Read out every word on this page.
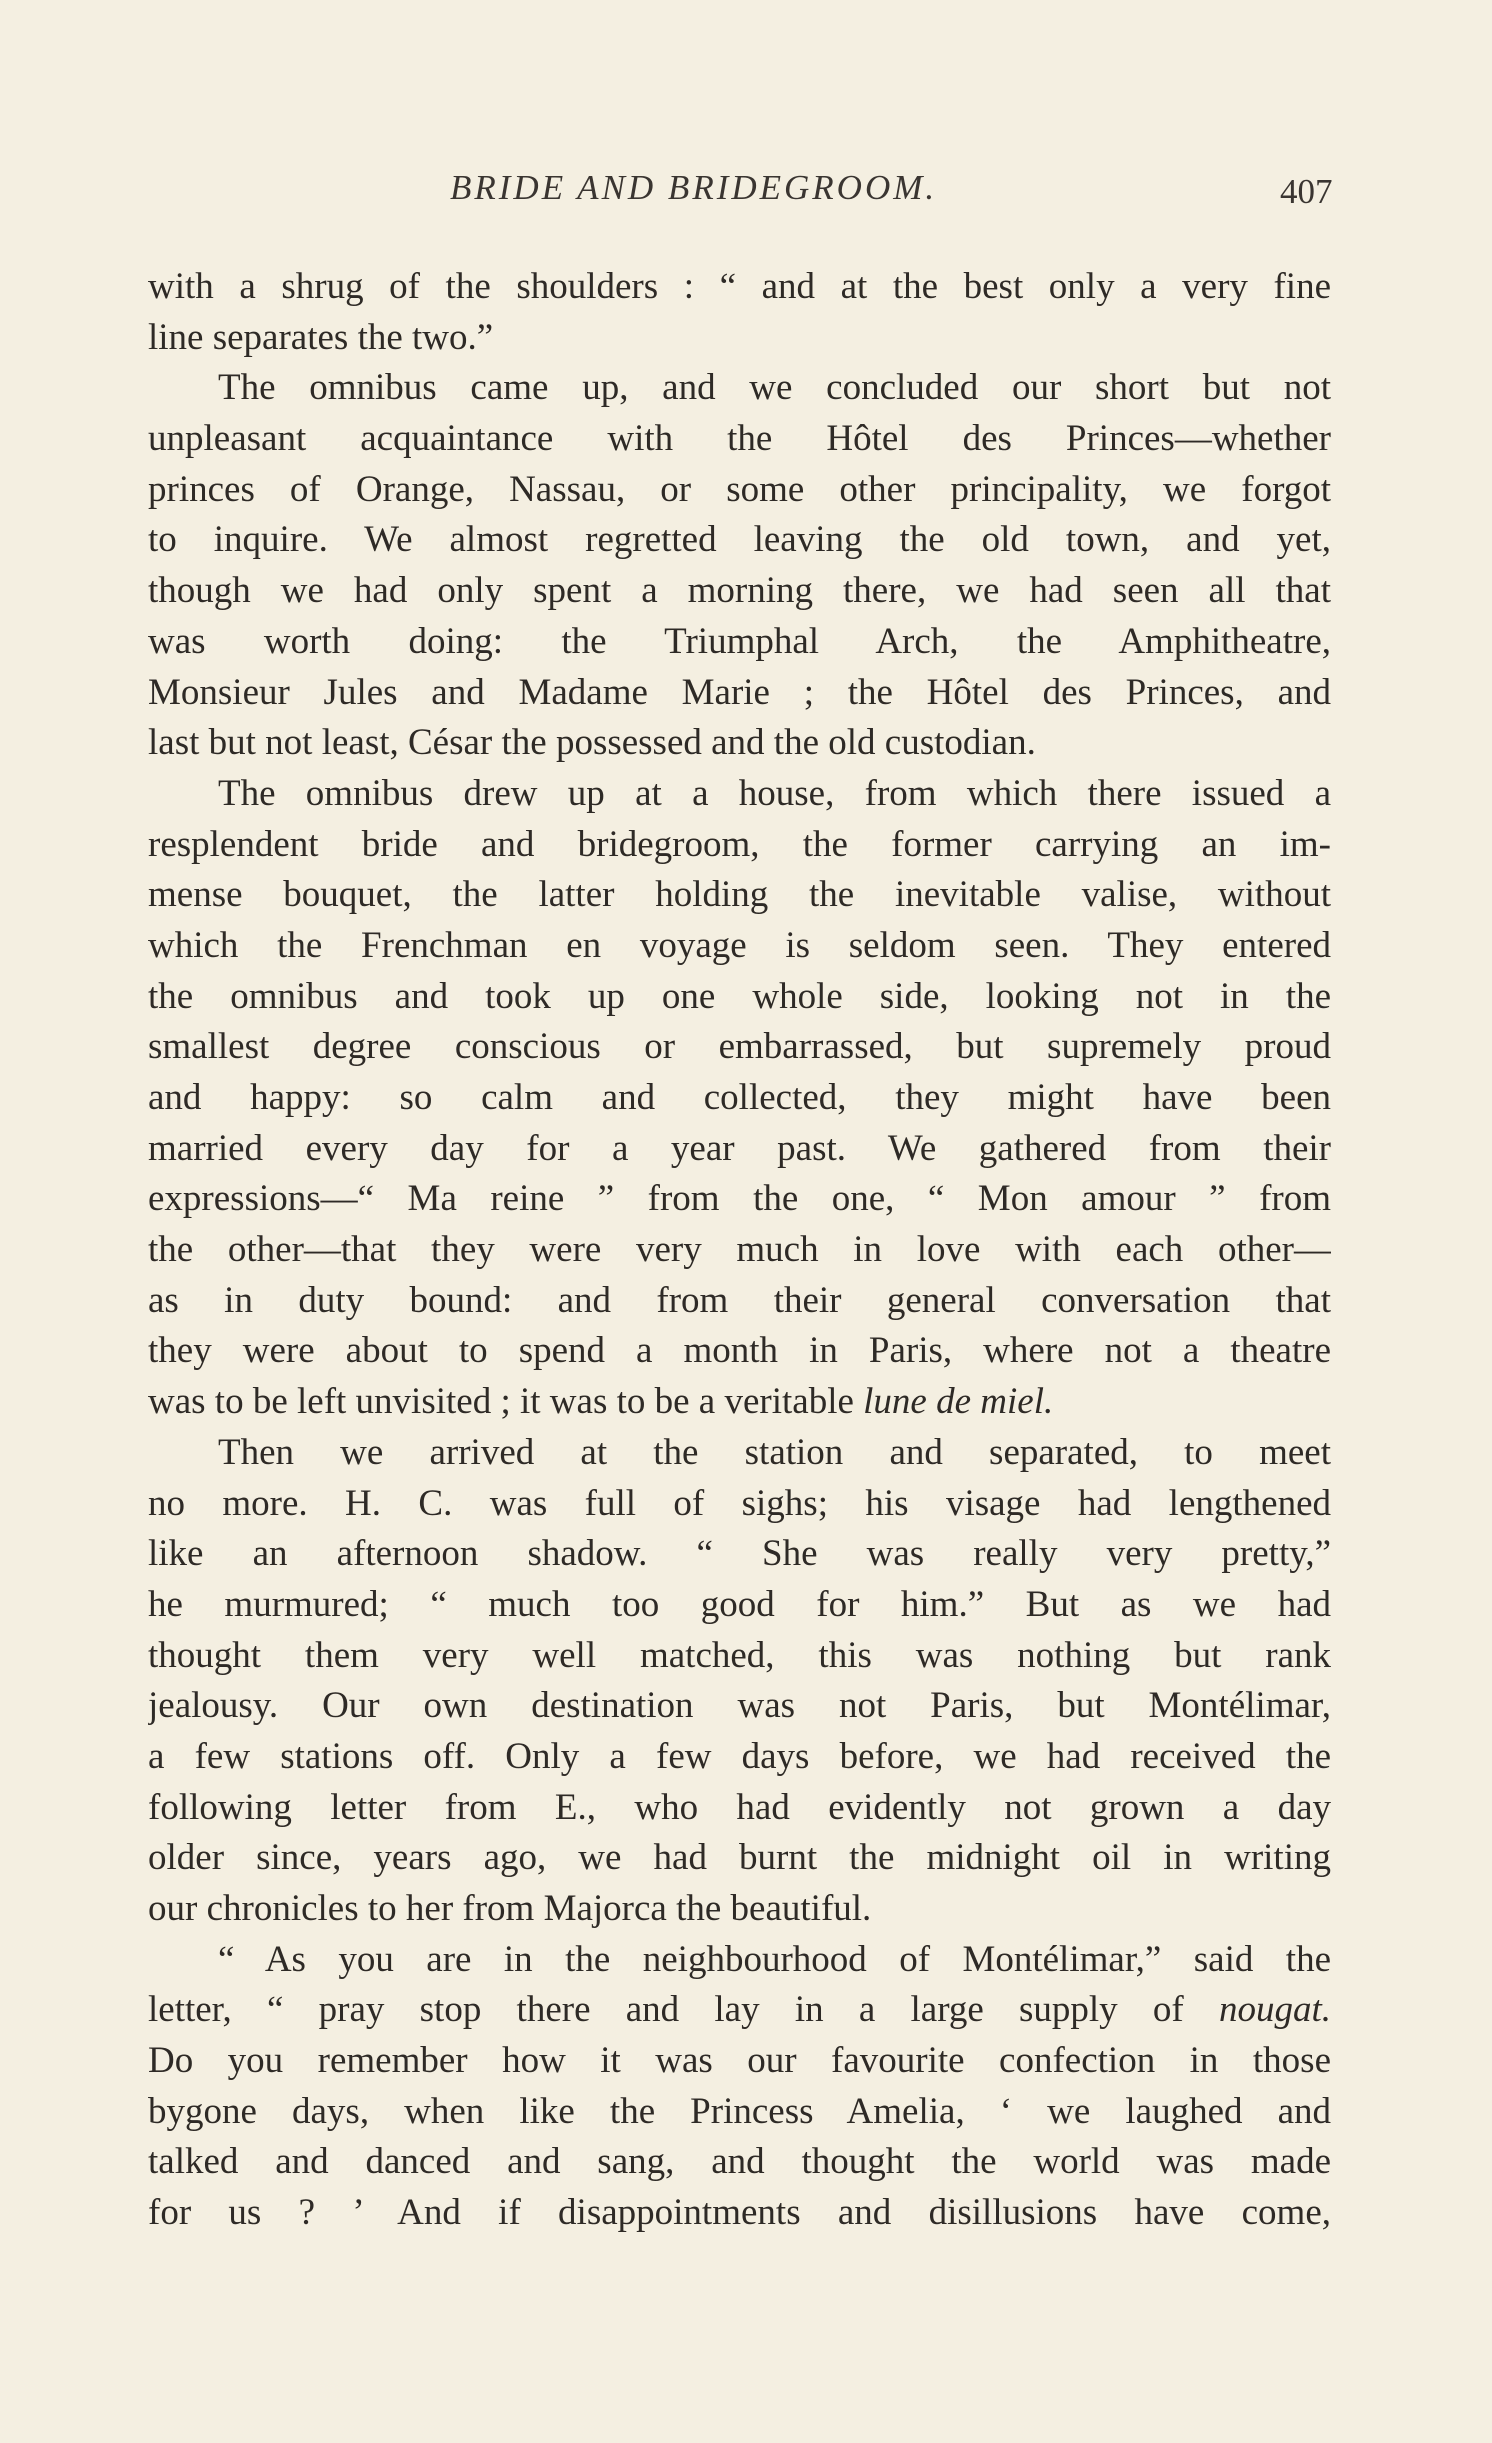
BRIDE AND BRIDEGROOM.	407
with a shrug of the shoulders : “ and at the best only a very fine
line separates the two.”
The omnibus came up, and we concluded our short but not
unpleasant acquaintance with the Hôtel des Princes—whether
princes of Orange, Nassau, or some other principality, we forgot
to inquire. We almost regretted leaving the old town, and yet,
though we had only spent a morning there, we had seen all that
was worth doing: the Triumphal Arch, the Amphitheatre,
Monsieur Jules and Madame Marie ; the Hôtel des Princes, and
last but not least, César the possessed and the old custodian.
The omnibus drew up at a house, from which there issued a
resplendent bride and bridegroom, the former carrying an im-
mense bouquet, the latter holding the inevitable valise, without
which the Frenchman en voyage is seldom seen. They entered
the omnibus and took up one whole side, looking not in the
smallest degree conscious or embarrassed, but supremely proud
and happy: so calm and collected, they might have been
married every day for a year past. We gathered from their
expressions—“ Ma reine ” from the one, “ Mon amour ” from
the other—that they were very much in love with each other—
as in duty bound: and from their general conversation that
they were about to spend a month in Paris, where not a theatre
was to be left unvisited ; it was to be a veritable lune de miel.
Then we arrived at the station and separated, to meet
no more. H. C. was full of sighs; his visage had lengthened
like an afternoon shadow. “ She was really very pretty,”
he murmured; “ much too good for him.” But as we had
thought them very well matched, this was nothing but rank
jealousy. Our own destination was not Paris, but Montélimar,
a few stations off. Only a few days before, we had received the
following letter from E., who had evidently not grown a day
older since, years ago, we had burnt the midnight oil in writing
our chronicles to her from Majorca the beautiful.
“ As you are in the neighbourhood of Montélimar,” said the
letter, “ pray stop there and lay in a large supply of nougat.
Do you remember how it was our favourite confection in those
bygone days, when like the Princess Amelia, ‘ we laughed and
talked and danced and sang, and thought the world was made
for us ? ’ And if disappointments and disillusions have come,
